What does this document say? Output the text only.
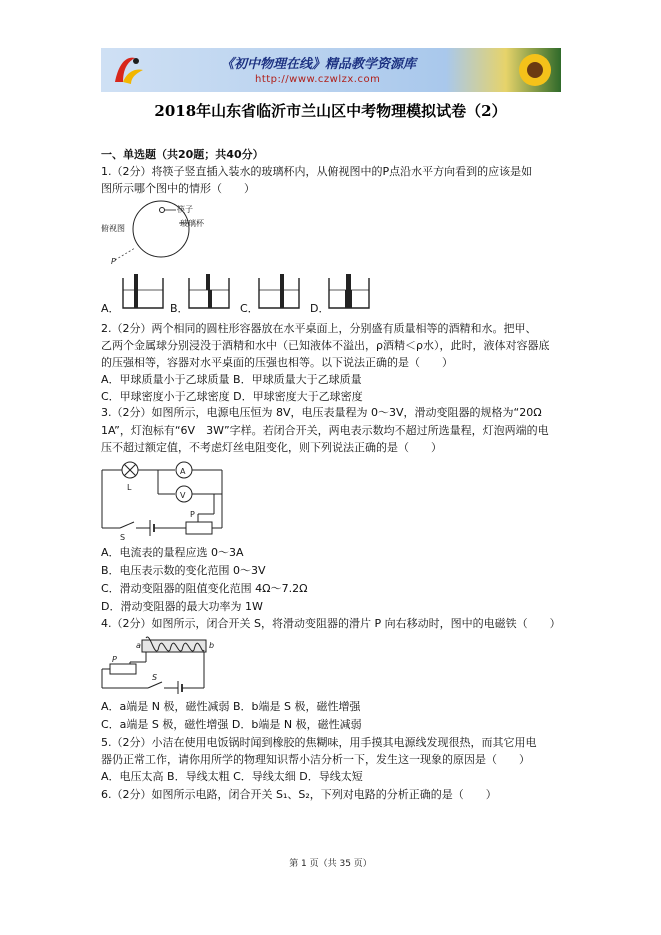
《初中物理在线》精品教学资源库
http://www.czwlzx.com
2018年山东省临沂市兰山区中考物理模拟试卷（2）
一、单选题（共20题；共40分）
1.（2分）将筷子竖直插入装水的玻璃杯内，从俯视图中的P点沿水平方向看到的应该是如
图所示哪个图中的情形（　　）
筷子
玻璃杯
俯视图
P
A．	B．	C．	D．
2.（2分）两个相同的圆柱形容器放在水平桌面上，分别盛有质量相等的酒精和水。把甲、
乙两个金属球分别浸没于酒精和水中（已知液体不溢出，ρ酒精＜ρ水），此时，液体对容器底
的压强相等，容器对水平桌面的压强也相等。以下说法正确的是（　　）
A．甲球质量小于乙球质量 B．甲球质量大于乙球质量
C．甲球密度小于乙球密度 D．甲球密度大于乙球密度
3.（2分）如图所示，电源电压恒为 8V，电压表量程为 0～3V，滑动变阻器的规格为“20Ω
1A”，灯泡标有“6V　3W”字样。若闭合开关，两电表示数均不超过所选量程，灯泡两端的电
压不超过额定值，不考虑灯丝电阻变化，则下列说法正确的是（　　）
A
V
L
P
S
A．电流表的量程应选 0～3A
B．电压表示数的变化范围 0～3V
C．滑动变阻器的阻值变化范围 4Ω～7.2Ω
D．滑动变阻器的最大功率为 1W
4.（2分）如图所示，闭合开关 S，将滑动变阻器的滑片 P 向右移动时，图中的电磁铁（　　）
a	b
P
S
A．a端是 N 极，磁性减弱 B．b端是 S 极，磁性增强
C．a端是 S 极，磁性增强 D．b端是 N 极，磁性减弱
5.（2分）小洁在使用电饭锅时闻到橡胶的焦糊味，用手摸其电源线发现很热，而其它用电
器仍正常工作，请你用所学的物理知识帮小洁分析一下，发生这一现象的原因是（　　）
A．电压太高 B．导线太粗 C．导线太细 D．导线太短
6.（2分）如图所示电路，闭合开关 S₁、S₂，下列对电路的分析正确的是（　　）
第 1 页（共 35 页）
